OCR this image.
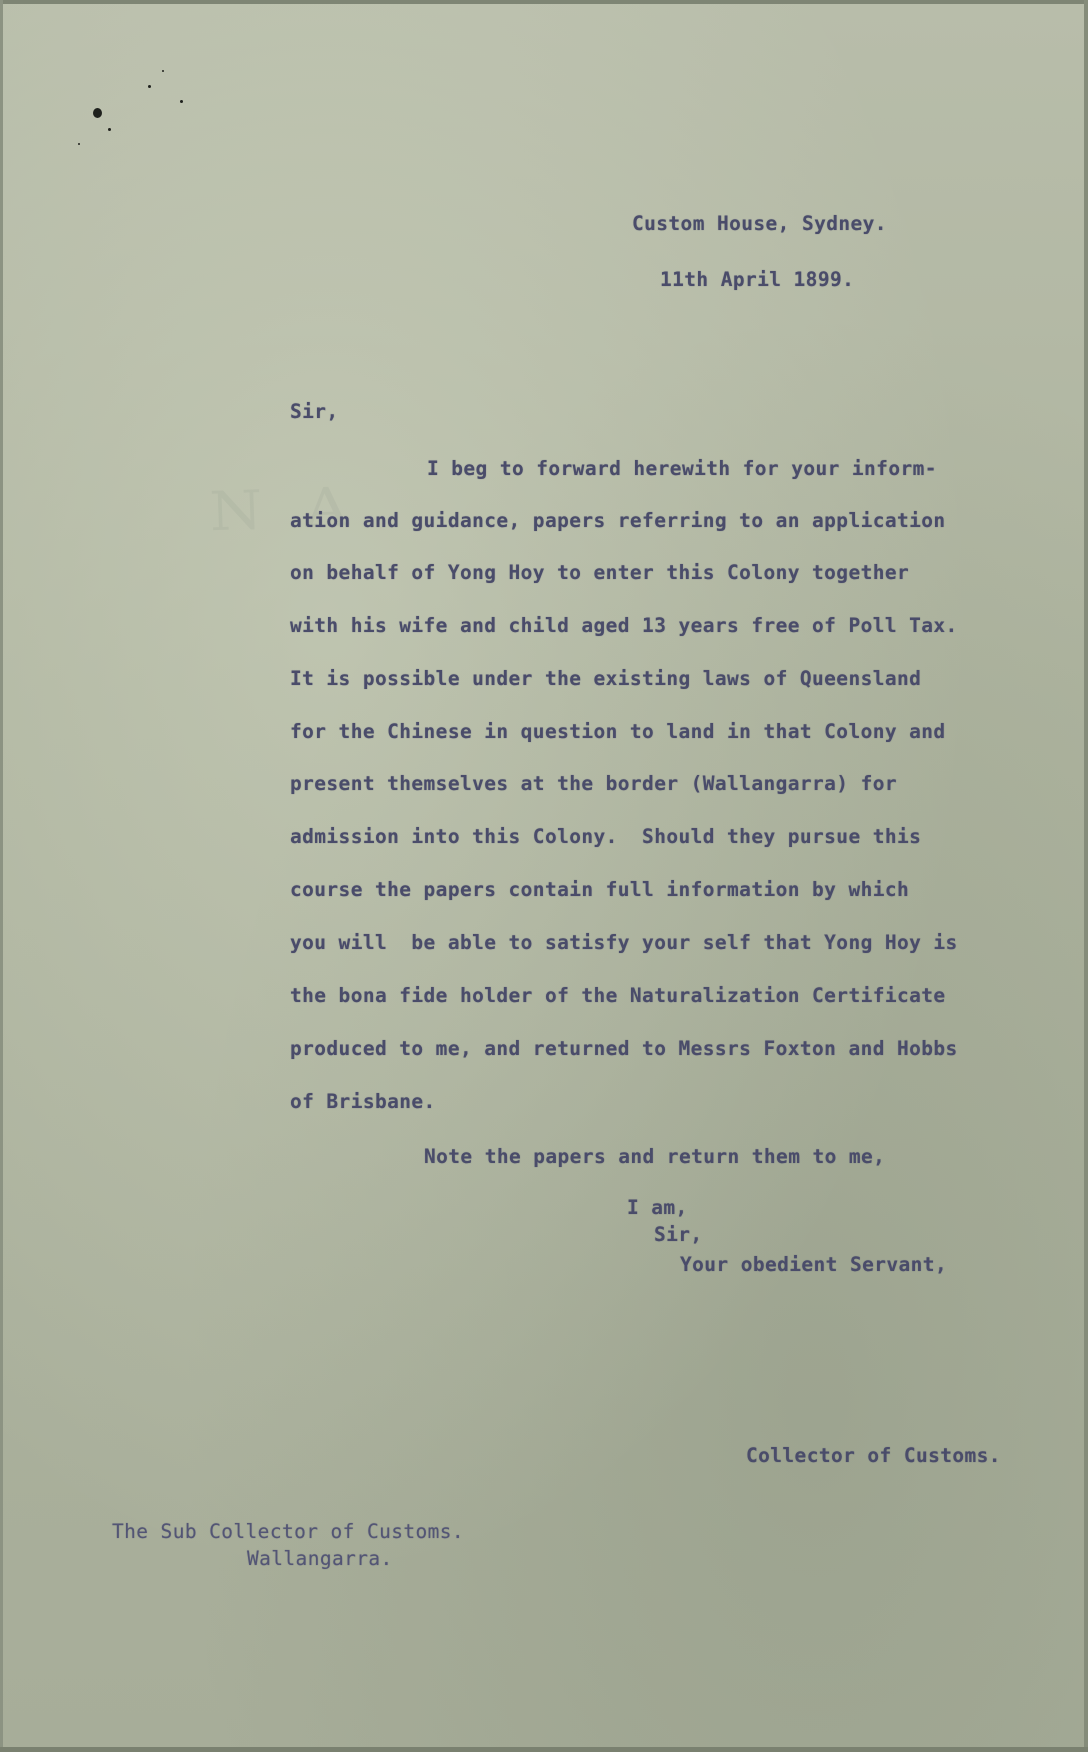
ᴺ ᴬ
Custom House, Sydney.
11th April 1899.
Sir,
I beg to forward herewith for your inform-
ation and guidance, papers referring to an application
on behalf of Yong Hoy to enter this Colony together
with his wife and child aged 13 years free of Poll Tax.
It is possible under the existing laws of Queensland
for the Chinese in question to land in that Colony and
present themselves at the border (Wallangarra) for
admission into this Colony.  Should they pursue this
course the papers contain full information by which
you will  be able to satisfy your self that Yong Hoy is
the bona fide holder of the Naturalization Certificate
produced to me, and returned to Messrs Foxton and Hobbs
of Brisbane.
Note the papers and return them to me,
I am,
Sir,
Your obedient Servant,
Collector of Customs.
The Sub Collector of Customs.
Wallangarra.
